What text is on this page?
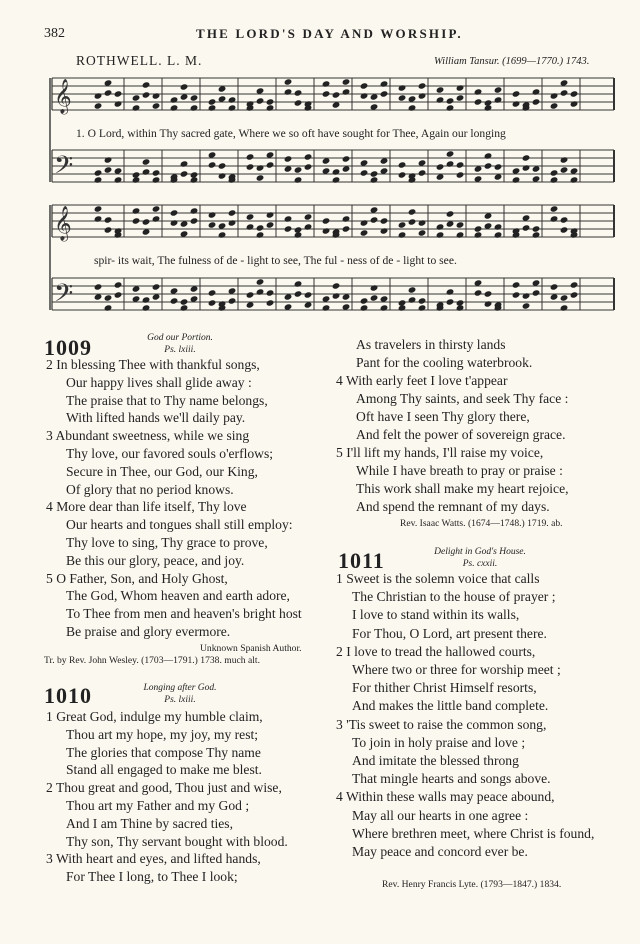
382	THE LORD'S DAY AND WORSHIP.
ROTHWELL. L. M.	William Tansur. (1699—1770.) 1743.
𝄞
𝄢
𝄞
𝄢
1. O Lord, within Thy sacred gate, Where we so oft have sought for Thee, Again our longing
spir- its wait, The fulness of de - light to see, The ful - ness of de - light to see.
1009	God our Portion.
Ps. lxiii.
2 In blessing Thee with thankful songs,
Our happy lives shall glide away :
The praise that to Thy name belongs,
With lifted hands we'll daily pay.
3 Abundant sweetness, while we sing
Thy love, our favored souls o'erflows;
Secure in Thee, our God, our King,
Of glory that no period knows.
4 More dear than life itself, Thy love
Our hearts and tongues shall still employ:
Thy love to sing, Thy grace to prove,
Be this our glory, peace, and joy.
5 O Father, Son, and Holy Ghost,
The God, Whom heaven and earth adore,
To Thee from men and heaven's bright host
Be praise and glory evermore.
Unknown Spanish Author.
Tr. by Rev. John Wesley. (1703—1791.) 1738. much alt.
1010	Longing after God.
Ps. lxiii.
1 Great God, indulge my humble claim,
Thou art my hope, my joy, my rest;
The glories that compose Thy name
Stand all engaged to make me blest.
2 Thou great and good, Thou just and wise,
Thou art my Father and my God ;
And I am Thine by sacred ties,
Thy son, Thy servant bought with blood.
3 With heart and eyes, and lifted hands,
For Thee I long, to Thee I look;
As travelers in thirsty lands
Pant for the cooling waterbrook.
4 With early feet I love t'appear
Among Thy saints, and seek Thy face :
Oft have I seen Thy glory there,
And felt the power of sovereign grace.
5 I'll lift my hands, I'll raise my voice,
While I have breath to pray or praise :
This work shall make my heart rejoice,
And spend the remnant of my days.
Rev. Isaac Watts. (1674—1748.) 1719. ab.
1011	Delight in God's House.
Ps. cxxii.
1 Sweet is the solemn voice that calls
The Christian to the house of prayer ;
I love to stand within its walls,
For Thou, O Lord, art present there.
2 I love to tread the hallowed courts,
Where two or three for worship meet ;
For thither Christ Himself resorts,
And makes the little band complete.
3 'Tis sweet to raise the common song,
To join in holy praise and love ;
And imitate the blessed throng
That mingle hearts and songs above.
4 Within these walls may peace abound,
May all our hearts in one agree :
Where brethren meet, where Christ is found,
May peace and concord ever be.
Rev. Henry Francis Lyte. (1793—1847.) 1834.
